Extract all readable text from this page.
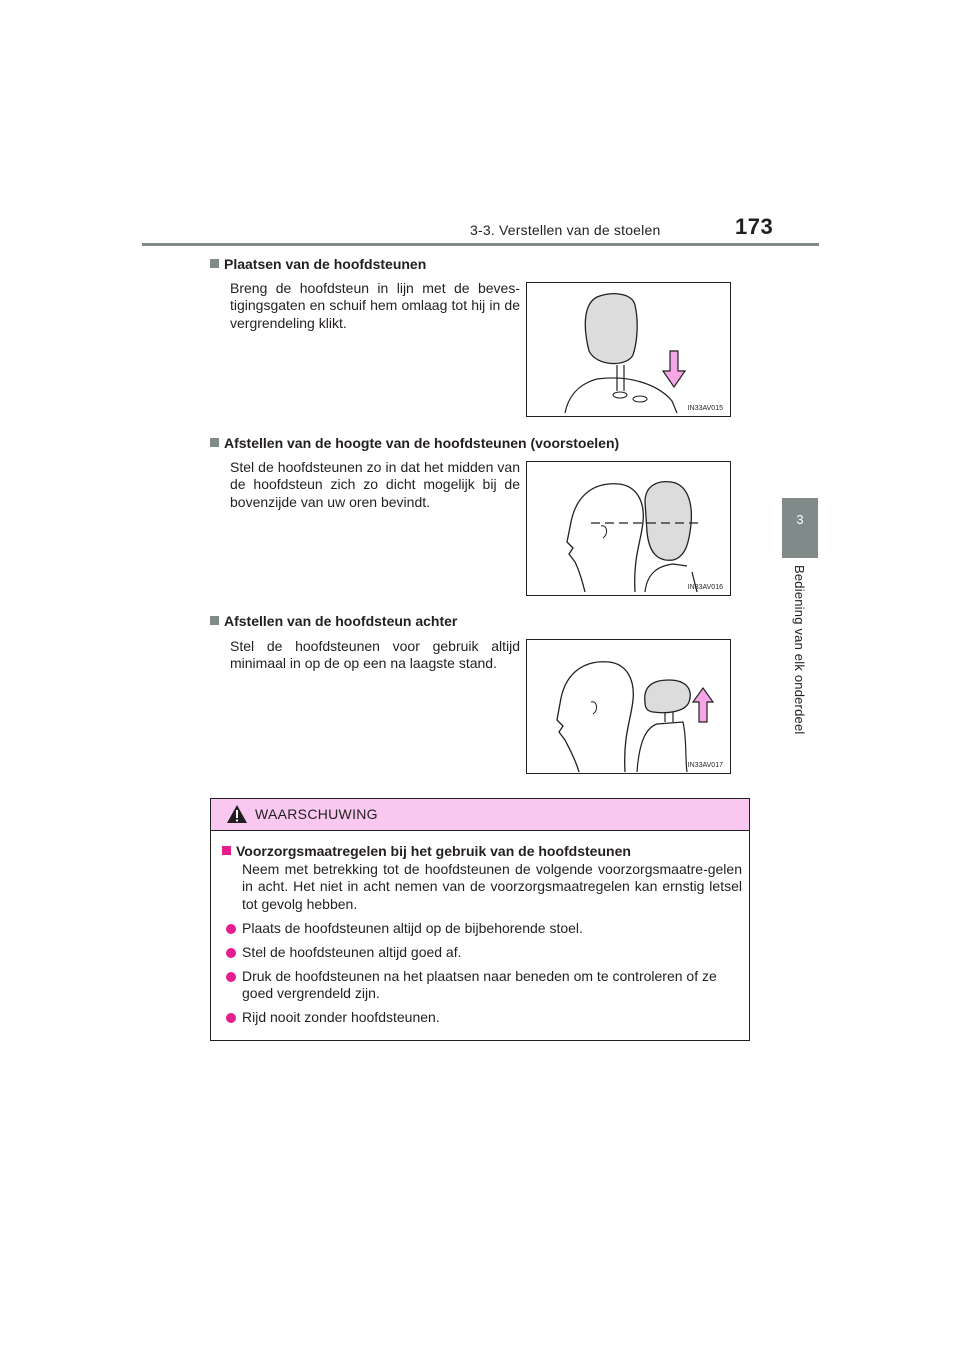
3-3. Verstellen van de stoelen	173
3
Bediening van elk onderdeel
Plaatsen van de hoofdsteunen
Breng de hoofdsteun in lijn met de beves-tigingsgaten en schuif hem omlaag tot hij in de vergrendeling klikt.
IN33AV015
Afstellen van de hoogte van de hoofdsteunen (voorstoelen)
Stel de hoofdsteunen zo in dat het midden van de hoofdsteun zich zo dicht mogelijk bij de bovenzijde van uw oren bevindt.
IN33AV016
Afstellen van de hoofdsteun achter
Stel de hoofdsteunen voor gebruik altijd minimaal in op de op een na laagste stand.
IN33AV017
WAARSCHUWING
Voorzorgsmaatregelen bij het gebruik van de hoofdsteunen
Neem met betrekking tot de hoofdsteunen de volgende voorzorgsmaatre-gelen in acht. Het niet in acht nemen van de voorzorgsmaatregelen kan ernstig letsel tot gevolg hebben.
Plaats de hoofdsteunen altijd op de bijbehorende stoel.
Stel de hoofdsteunen altijd goed af.
Druk de hoofdsteunen na het plaatsen naar beneden om te controleren of ze goed vergrendeld zijn.
Rijd nooit zonder hoofdsteunen.
